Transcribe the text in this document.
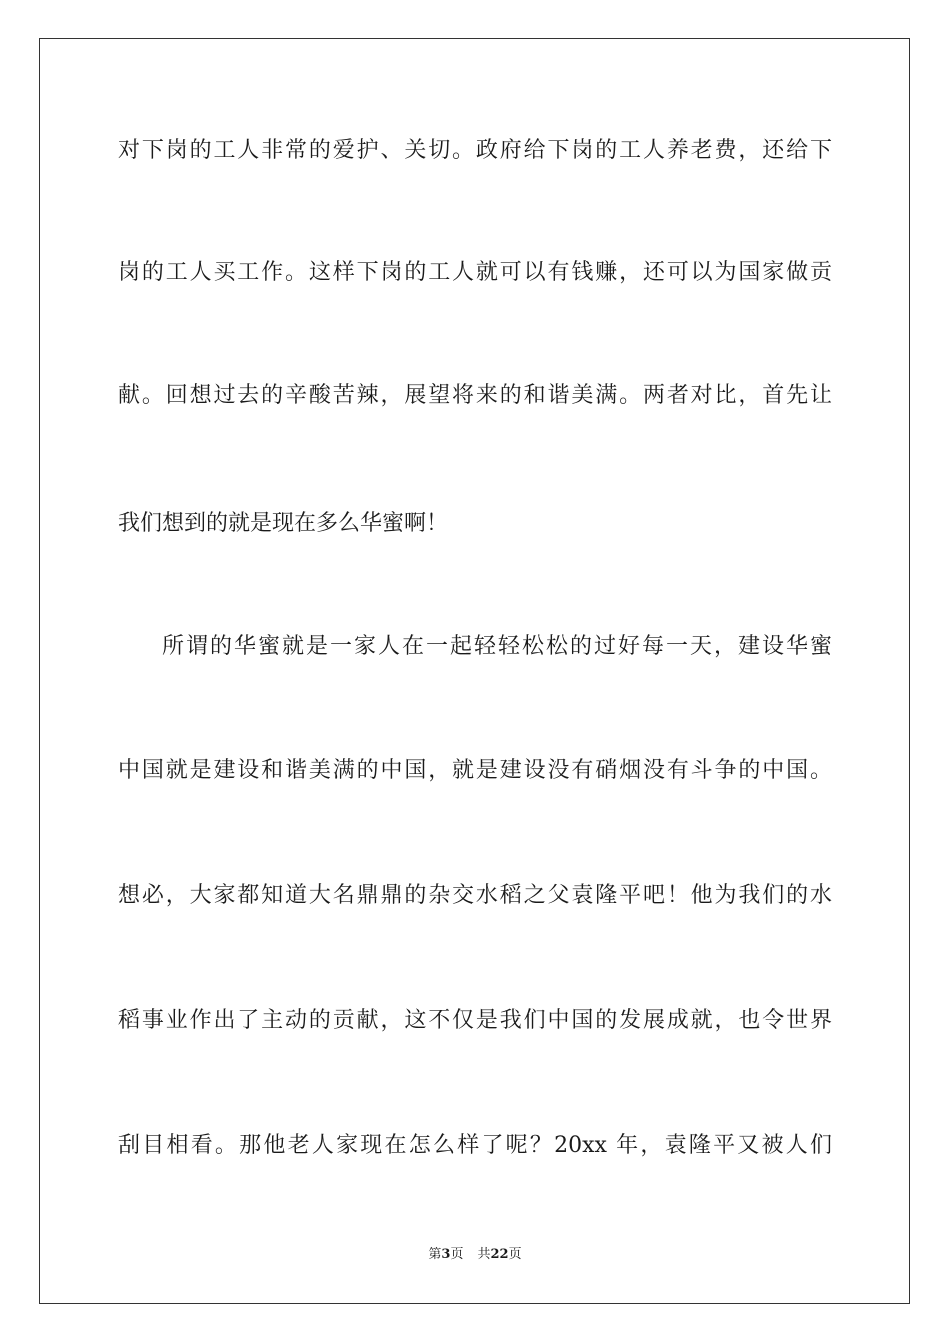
对下岗的工人非常的爱护、关切。政府给下岗的工人养老费，还给下
岗的工人买工作。这样下岗的工人就可以有钱赚，还可以为国家做贡
献。回想过去的辛酸苦辣，展望将来的和谐美满。两者对比，首先让
我们想到的就是现在多么华蜜啊！
所谓的华蜜就是一家人在一起轻轻松松的过好每一天，建设华蜜
中国就是建设和谐美满的中国，就是建设没有硝烟没有斗争的中国。
想必，大家都知道大名鼎鼎的杂交水稻之父袁隆平吧！他为我们的水
稻事业作出了主动的贡献，这不仅是我们中国的发展成就，也令世界
刮目相看。那他老人家现在怎么样了呢？20xx 年，袁隆平又被人们
第3页 共22页
